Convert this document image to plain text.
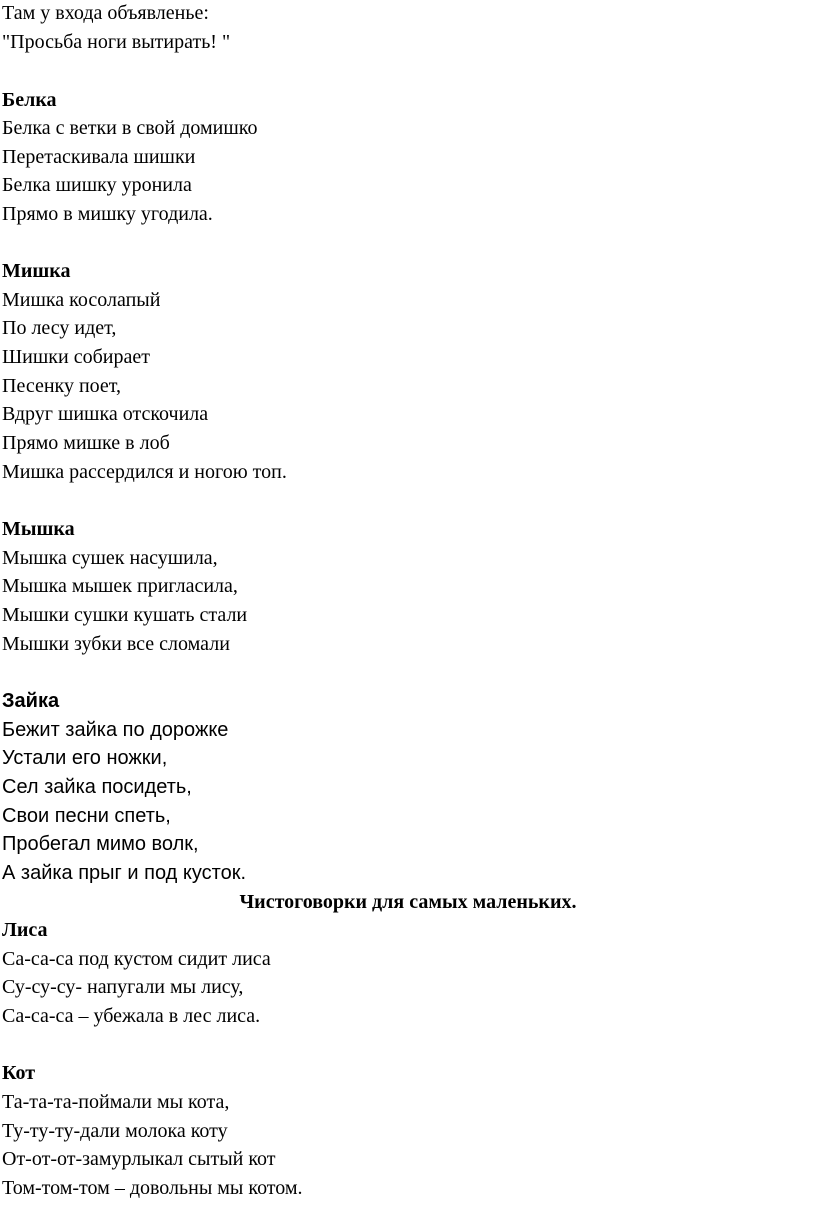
Там у входа объявленье:
"Просьба ноги вытирать! "
Белка
Белка с ветки в свой домишко
Перетаскивала шишки
Белка шишку уронила
Прямо в мишку угодила.
Мишка
Мишка косолапый
По лесу идет,
Шишки собирает
Песенку поет,
Вдруг шишка отскочила
Прямо мишке в лоб
Мишка рассердился и ногою топ.
Мышка
Мышка сушек насушила,
Мышка мышек пригласила,
Мышки сушки кушать стали
Мышки зубки все сломали
Зайка
Бежит зайка по дорожке
Устали его ножки,
Сел зайка посидеть,
Свои песни спеть,
Пробегал мимо волк,
А зайка прыг и под кусток.
Чистоговорки для самых маленьких.
Лиса
Са-са-са под кустом сидит лиса
Су-су-су- напугали мы лису,
Са-са-са – убежала в лес лиса.
Кот
Та-та-та-поймали мы кота,
Ту-ту-ту-дали молока коту
От-от-от-замурлыкал сытый кот
Том-том-том – довольны мы котом.
